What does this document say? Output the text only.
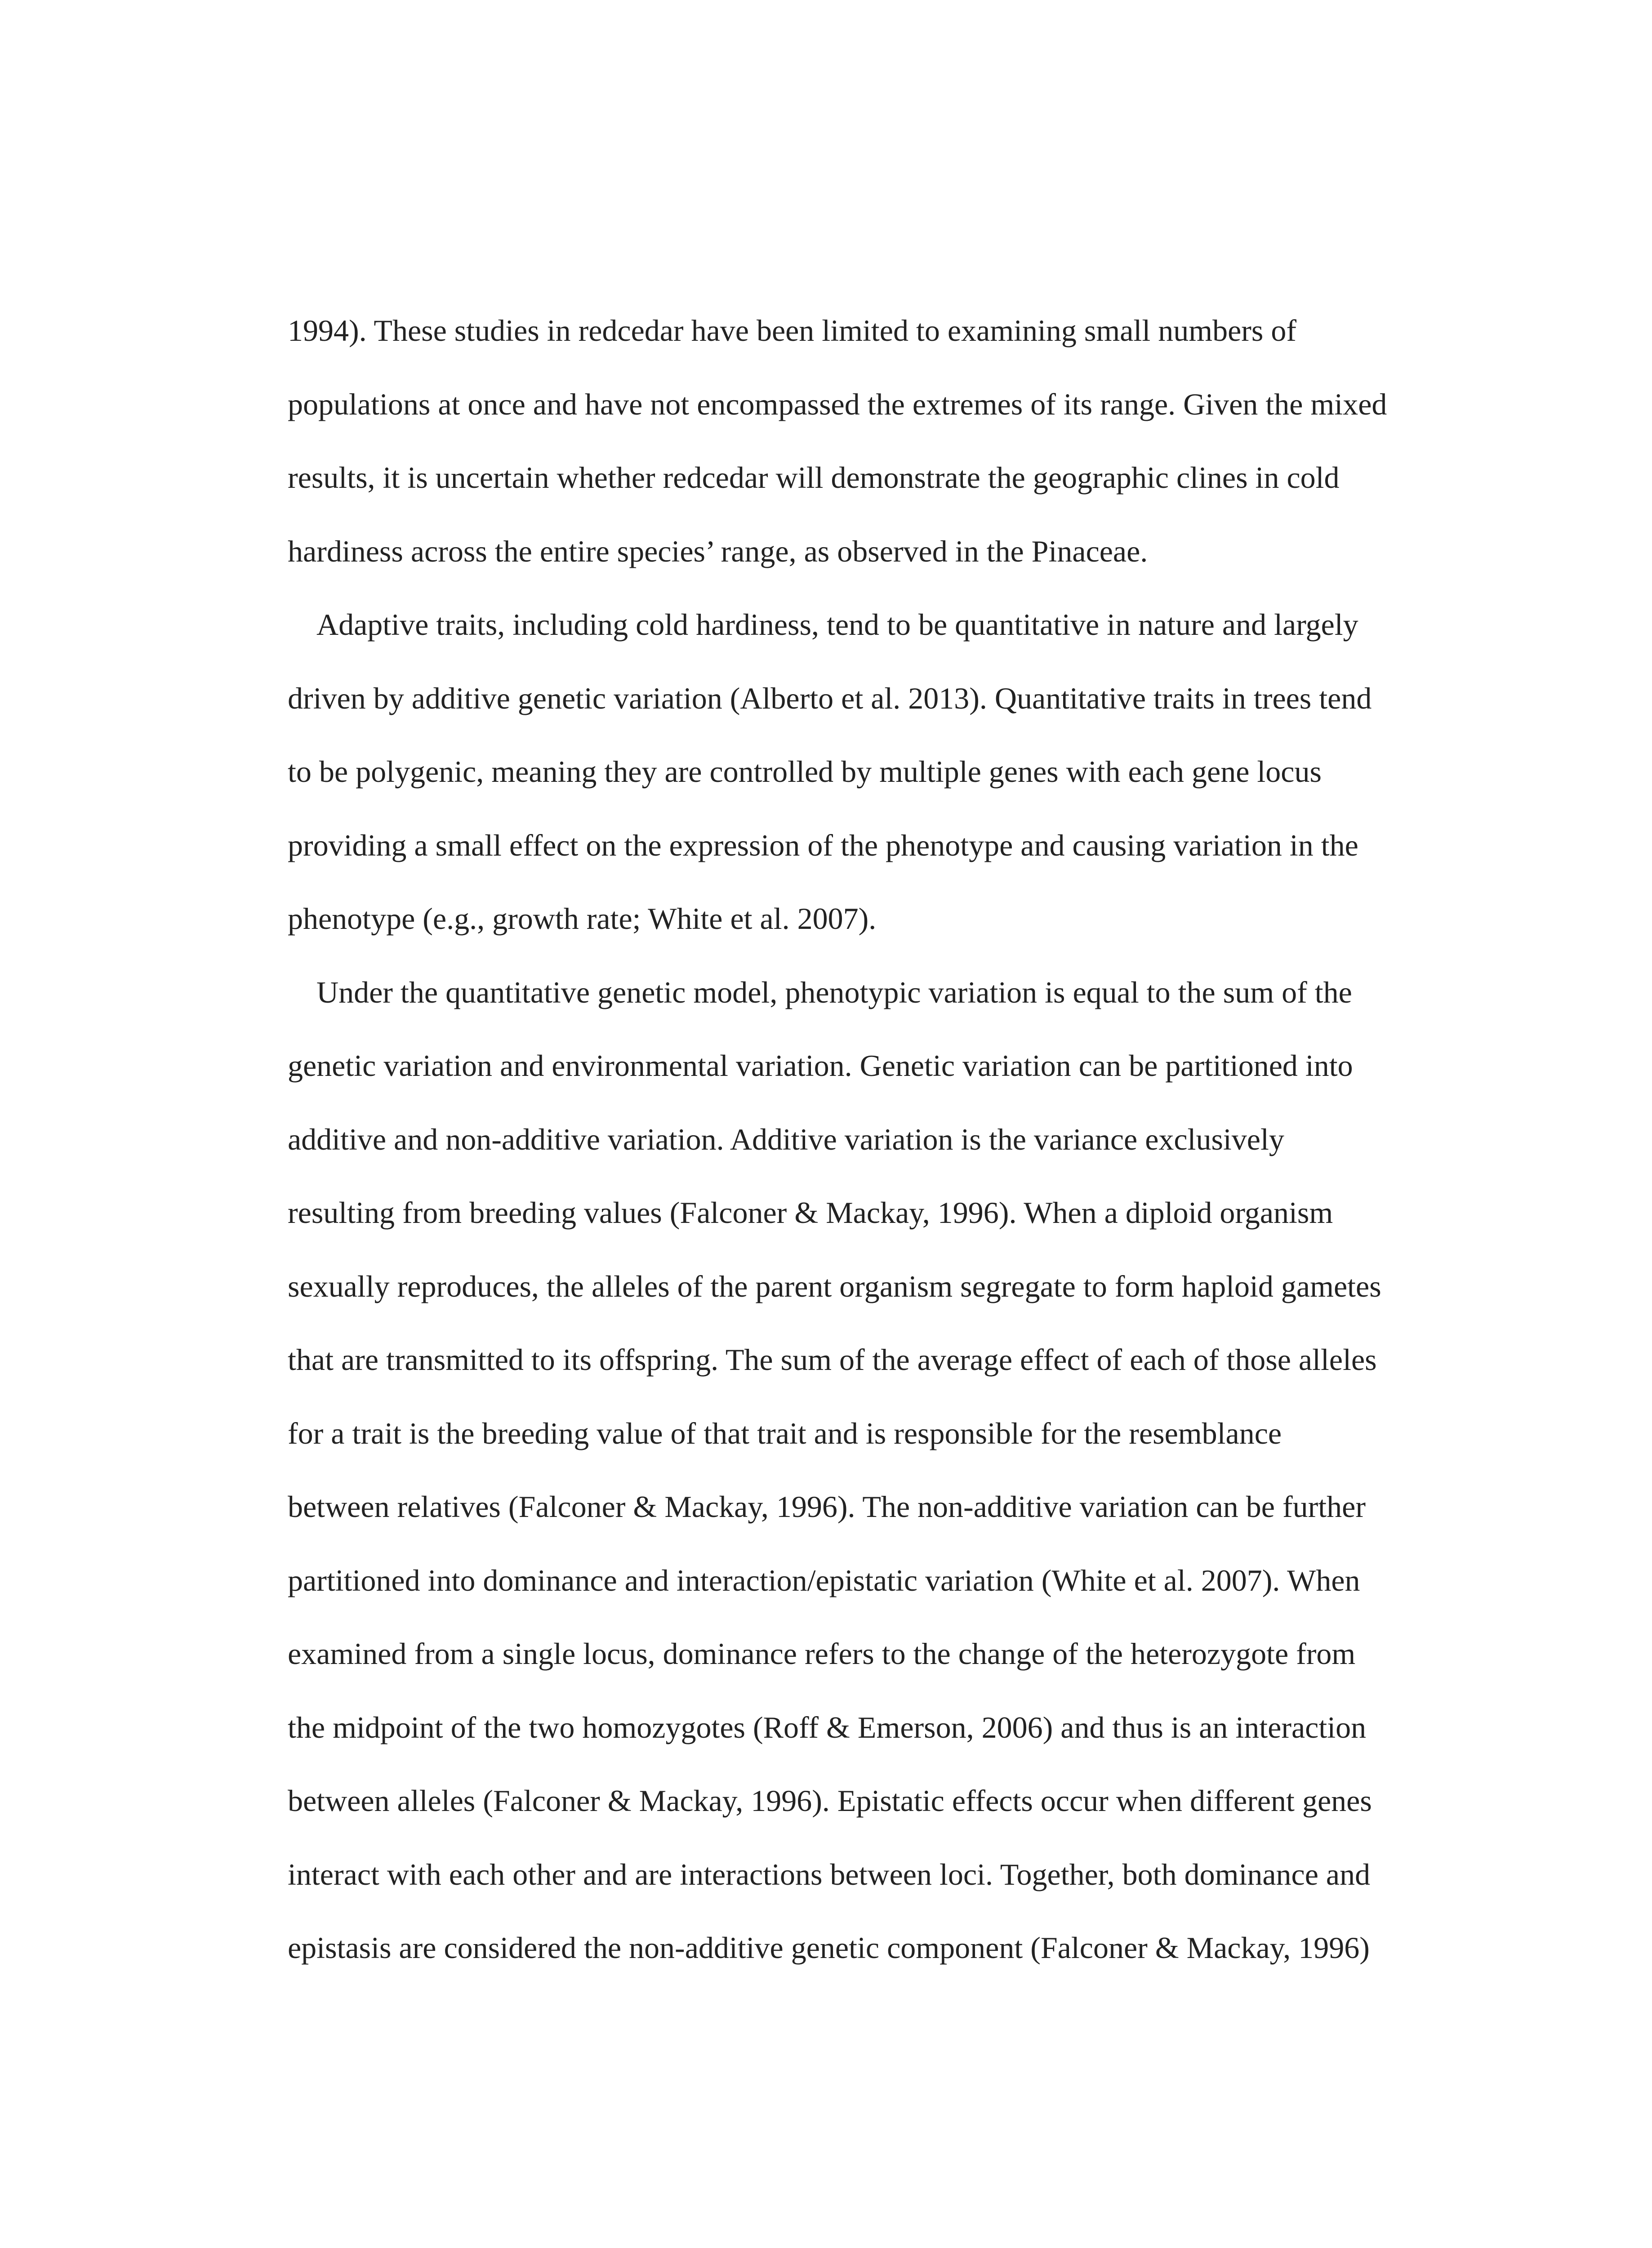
1994). These studies in redcedar have been limited to examining small numbers of
populations at once and have not encompassed the extremes of its range. Given the mixed
results, it is uncertain whether redcedar will demonstrate the geographic clines in cold
hardiness across the entire species’ range, as observed in the Pinaceae.

Adaptive traits, including cold hardiness, tend to be quantitative in nature and largely
driven by additive genetic variation (Alberto et al. 2013). Quantitative traits in trees tend
to be polygenic, meaning they are controlled by multiple genes with each gene locus
providing a small effect on the expression of the phenotype and causing variation in the
phenotype (e.g., growth rate; White et al. 2007).

Under the quantitative genetic model, phenotypic variation is equal to the sum of the
genetic variation and environmental variation. Genetic variation can be partitioned into
additive and non-additive variation. Additive variation is the variance exclusively
resulting from breeding values (Falconer & Mackay, 1996). When a diploid organism
sexually reproduces, the alleles of the parent organism segregate to form haploid gametes
that are transmitted to its offspring. The sum of the average effect of each of those alleles
for a trait is the breeding value of that trait and is responsible for the resemblance
between relatives (Falconer & Mackay, 1996). The non-additive variation can be further
partitioned into dominance and interaction/epistatic variation (White et al. 2007). When
examined from a single locus, dominance refers to the change of the heterozygote from
the midpoint of the two homozygotes (Roff & Emerson, 2006) and thus is an interaction
between alleles (Falconer & Mackay, 1996). Epistatic effects occur when different genes
interact with each other and are interactions between loci. Together, both dominance and
epistasis are considered the non-additive genetic component (Falconer & Mackay, 1996)
